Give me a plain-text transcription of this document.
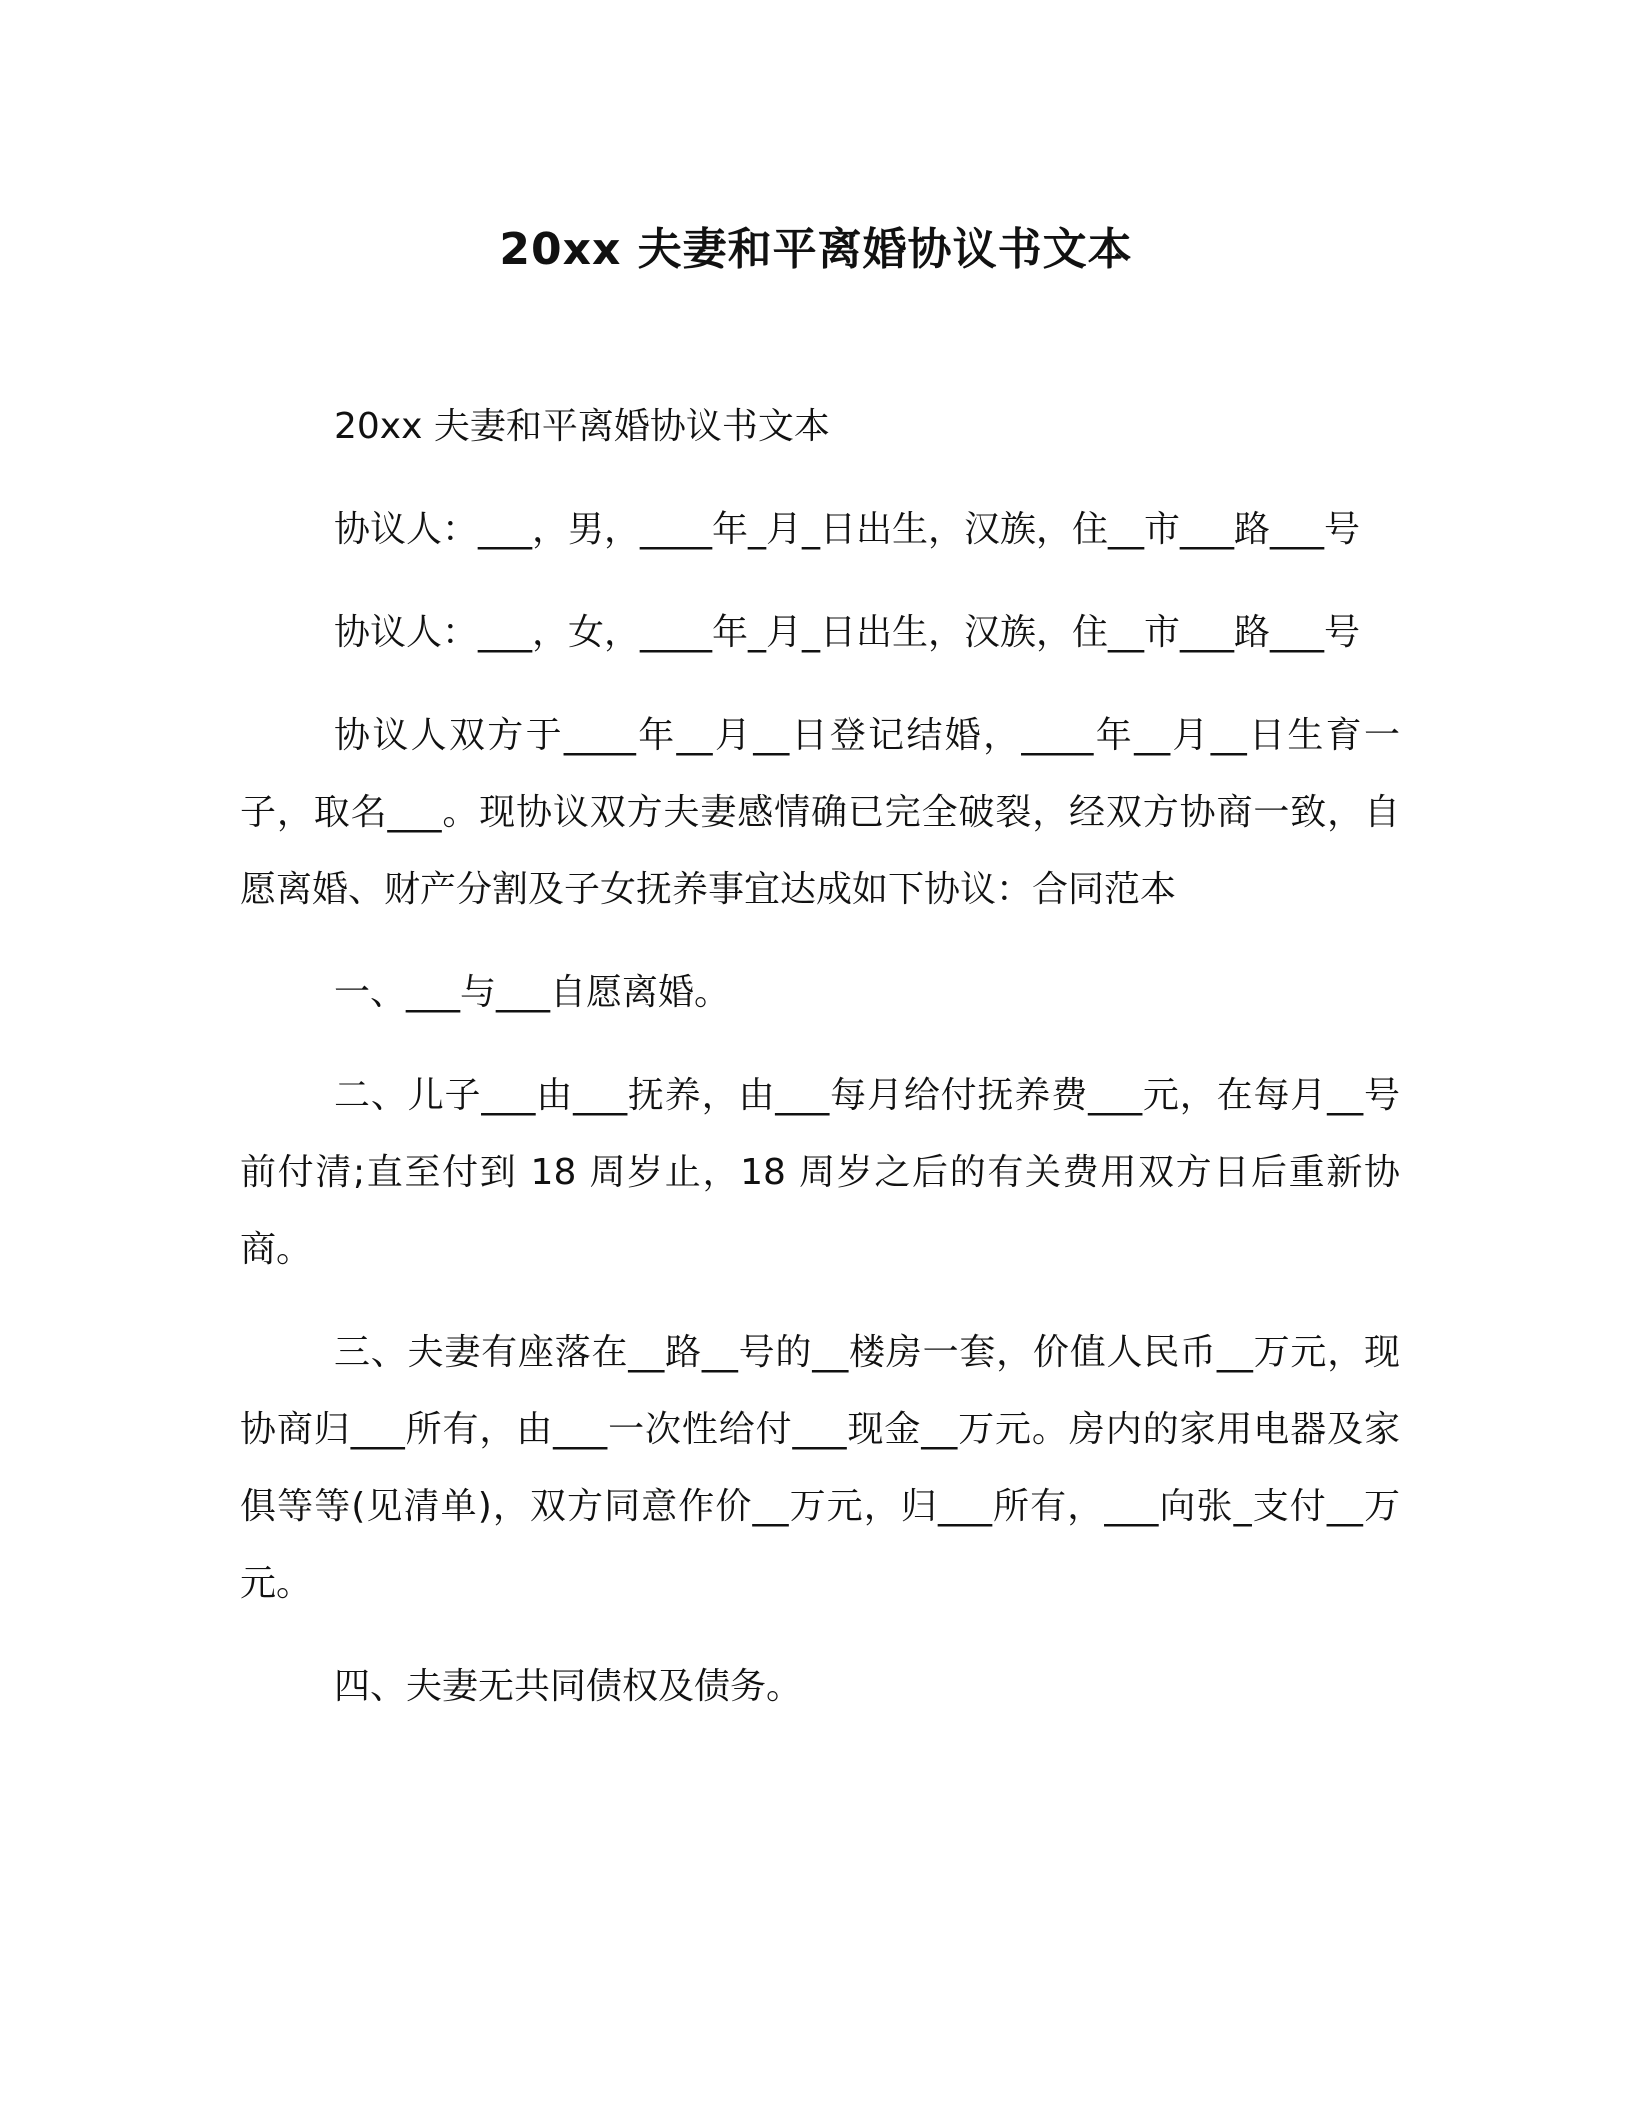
20xx 夫妻和平离婚协议书文本

20xx 夫妻和平离婚协议书文本

协议人：___，男，____年_月_日出生，汉族，住__市___路___号

协议人：___，女，____年_月_日出生，汉族，住__市___路___号

协议人双方于____年__月__日登记结婚，____年__月__日生育一子，取名___。现协议双方夫妻感情确已完全破裂，经双方协商一致，自愿离婚、财产分割及子女抚养事宜达成如下协议：合同范本

一、___与___自愿离婚。

二、儿子___由___抚养，由___每月给付抚养费___元，在每月__号前付清;直至付到 18 周岁止，18 周岁之后的有关费用双方日后重新协商。

三、夫妻有座落在__路__号的__楼房一套，价值人民币__万元，现协商归___所有，由___一次性给付___现金__万元。房内的家用电器及家俱等等(见清单)，双方同意作价__万元，归___所有，___向张_支付__万元。

四、夫妻无共同债权及债务。
